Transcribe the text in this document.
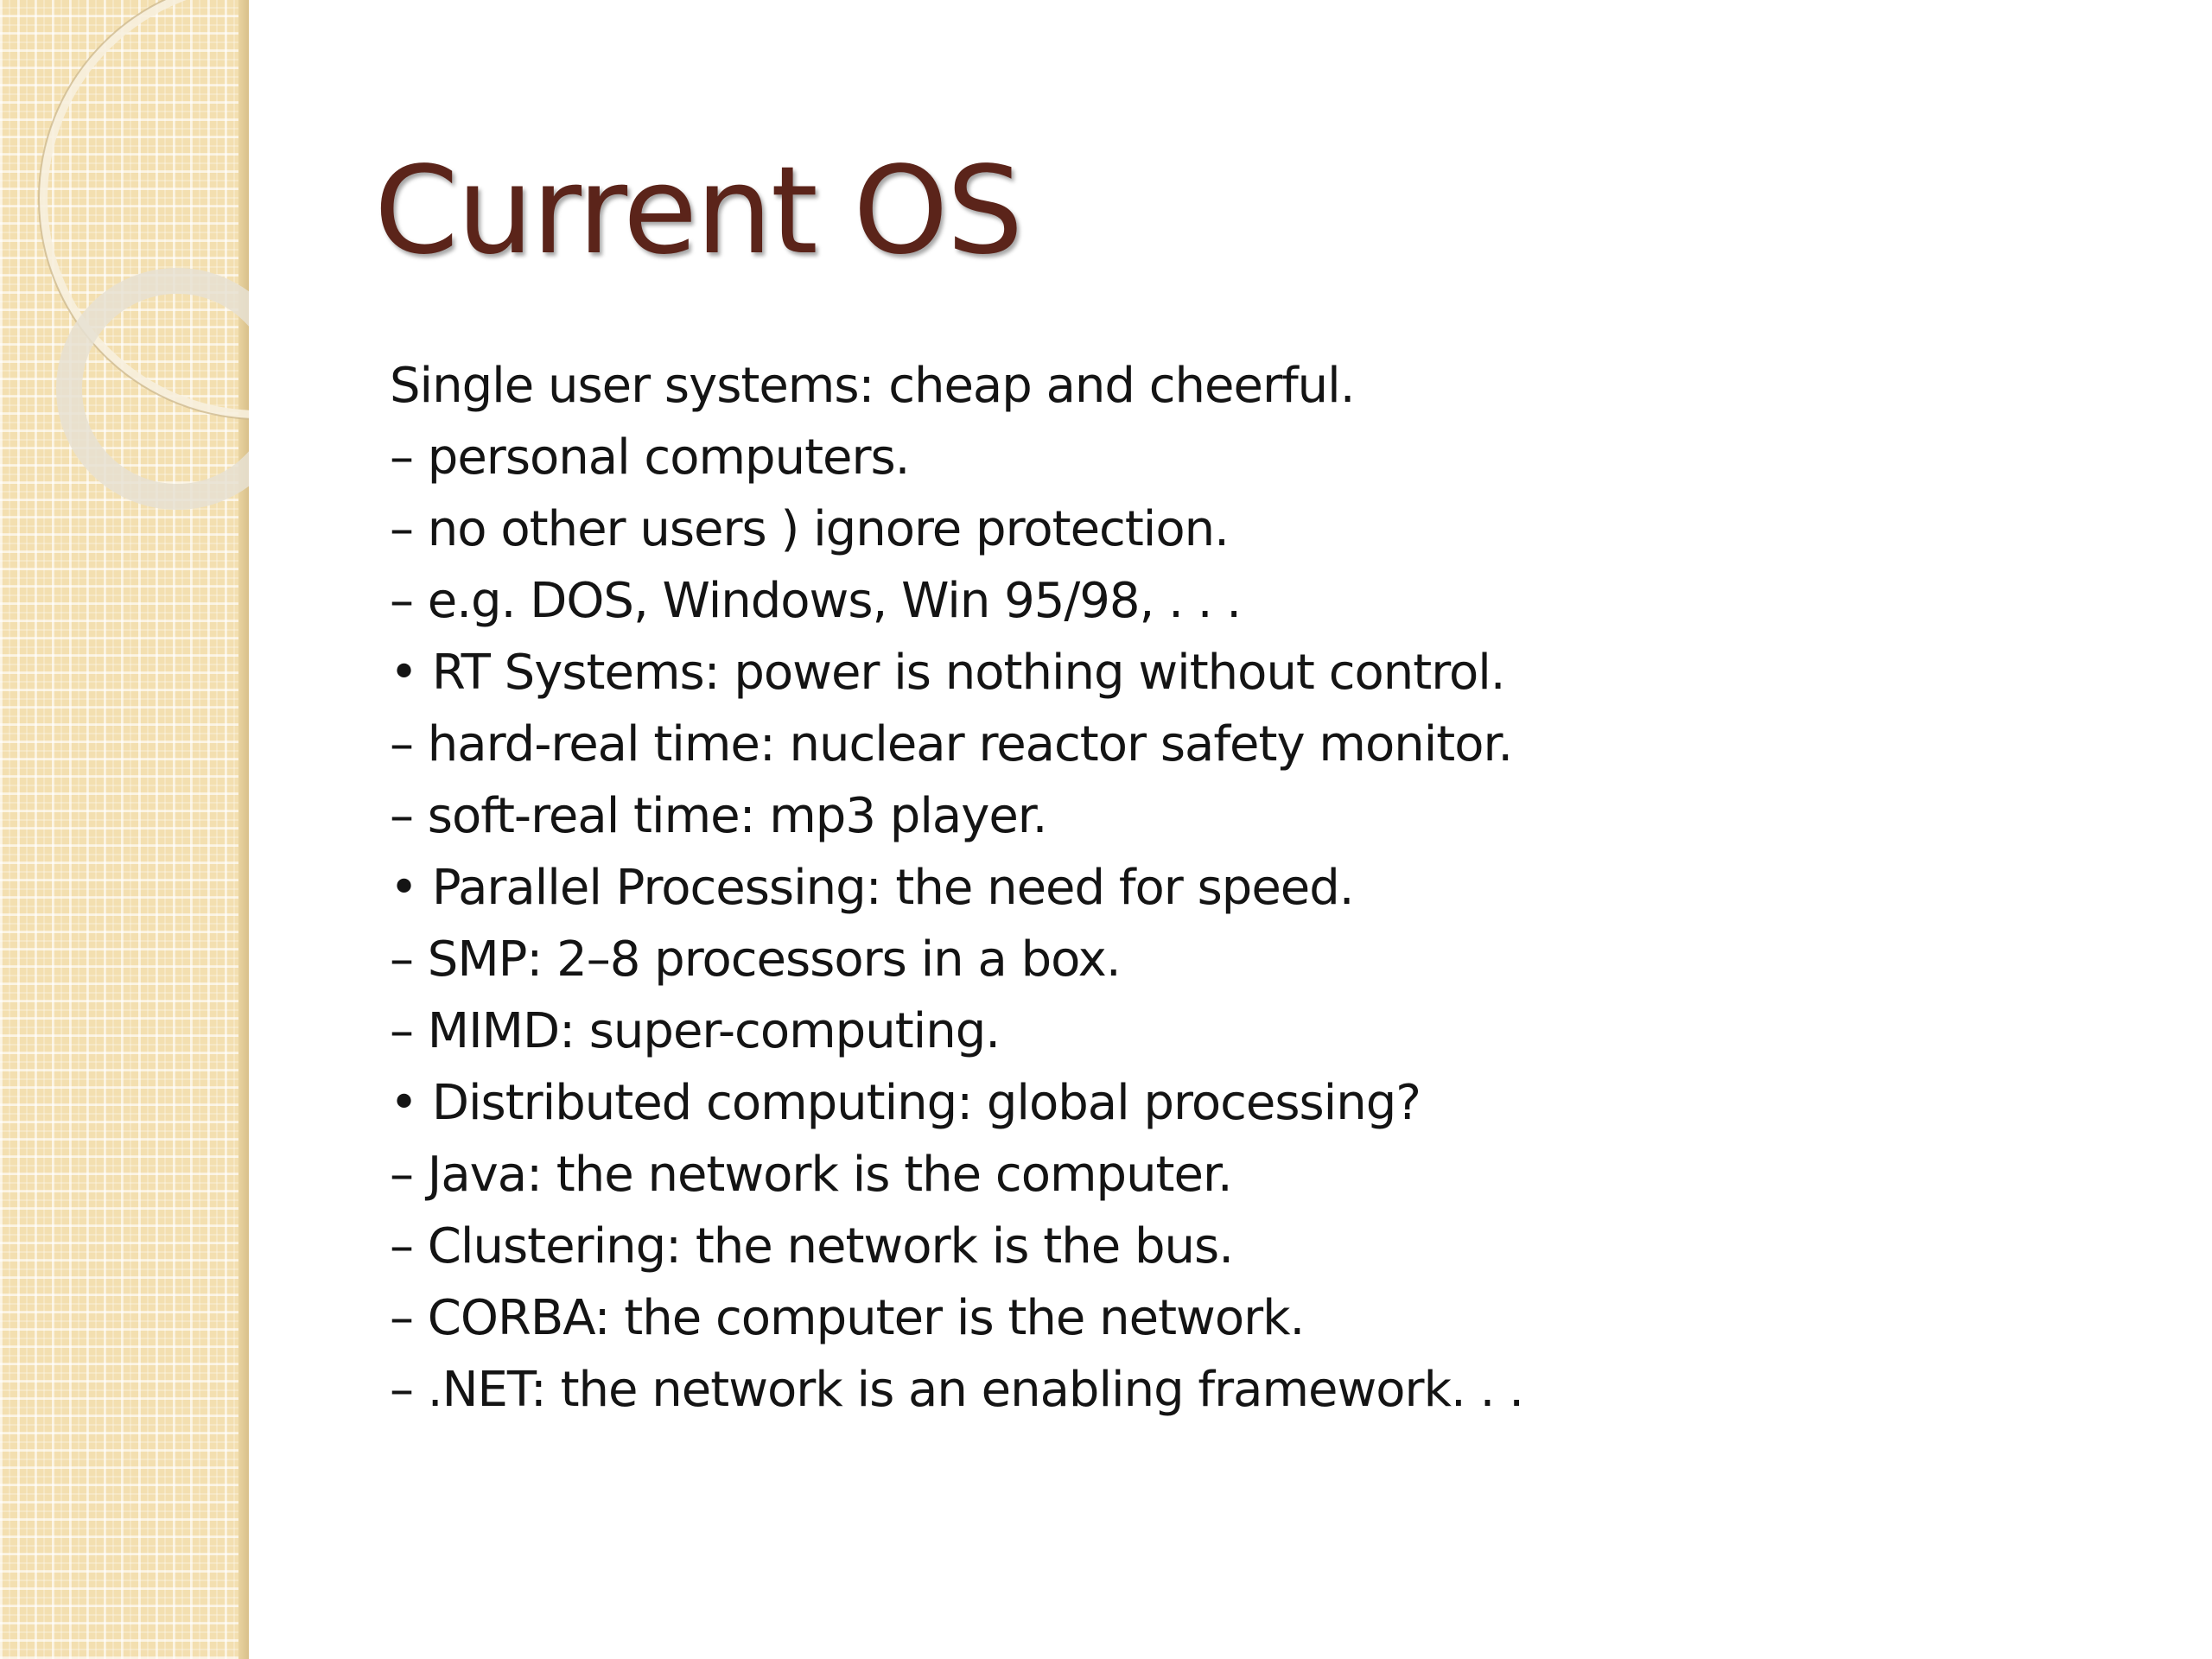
Current OS
Single user systems: cheap and cheerful.
– personal computers.
– no other users ) ignore protection.
– e.g. DOS, Windows, Win 95/98, . . .
• RT Systems: power is nothing without control.
– hard-real time: nuclear reactor safety monitor.
– soft-real time: mp3 player.
• Parallel Processing: the need for speed.
– SMP: 2–8 processors in a box.
– MIMD: super-computing.
• Distributed computing: global processing?
– Java: the network is the computer.
– Clustering: the network is the bus.
– CORBA: the computer is the network.
– .NET: the network is an enabling framework. . .
